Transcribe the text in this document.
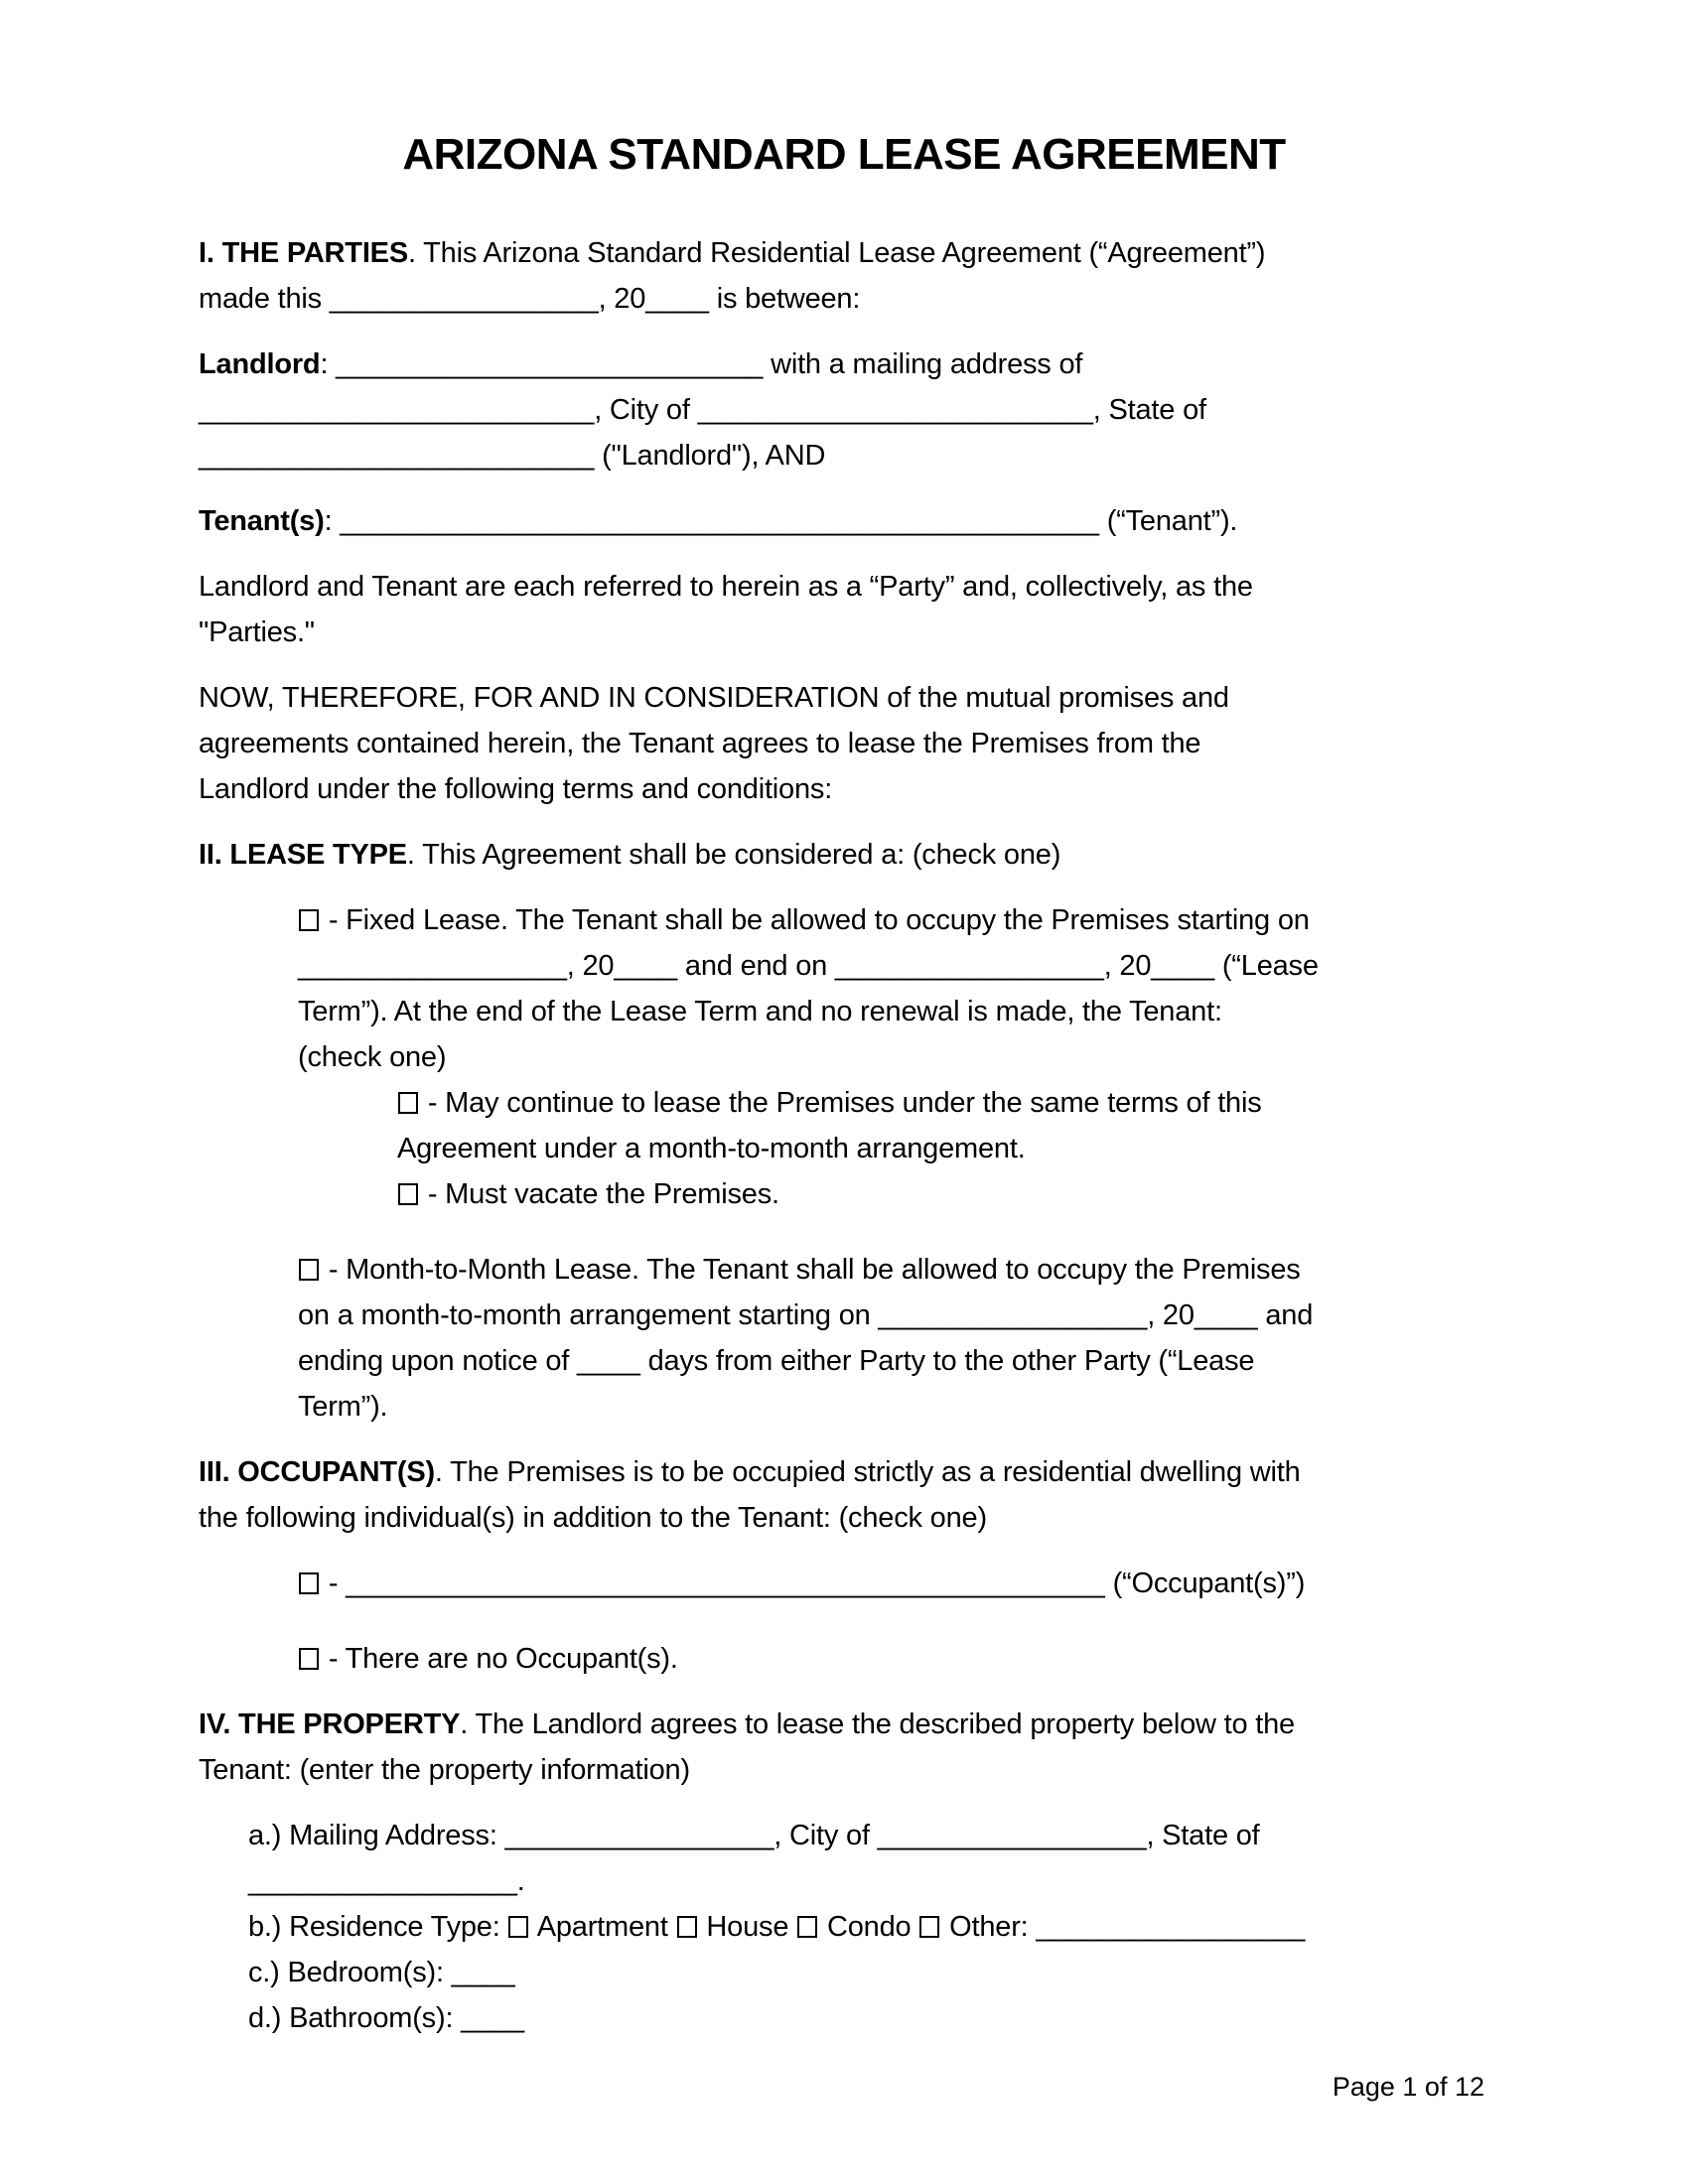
ARIZONA STANDARD LEASE AGREEMENT
I. THE PARTIES. This Arizona Standard Residential Lease Agreement (“Agreement”)
made this _________________, 20____ is between:
Landlord: ___________________________ with a mailing address of
_________________________, City of _________________________, State of
_________________________ ("Landlord"), AND
Tenant(s): ________________________________________________ (“Tenant”).
Landlord and Tenant are each referred to herein as a “Party” and, collectively, as the
"Parties."
NOW, THEREFORE, FOR AND IN CONSIDERATION of the mutual promises and
agreements contained herein, the Tenant agrees to lease the Premises from the
Landlord under the following terms and conditions:
II. LEASE TYPE. This Agreement shall be considered a: (check one)
- Fixed Lease. The Tenant shall be allowed to occupy the Premises starting on
_________________, 20____ and end on _________________, 20____ (“Lease
Term”). At the end of the Lease Term and no renewal is made, the Tenant:
(check one)
- May continue to lease the Premises under the same terms of this
Agreement under a month-to-month arrangement.
- Must vacate the Premises.
- Month-to-Month Lease. The Tenant shall be allowed to occupy the Premises
on a month-to-month arrangement starting on _________________, 20____ and
ending upon notice of ____ days from either Party to the other Party (“Lease
Term”).
III. OCCUPANT(S). The Premises is to be occupied strictly as a residential dwelling with
the following individual(s) in addition to the Tenant: (check one)
- ________________________________________________ (“Occupant(s)”)
- There are no Occupant(s).
IV. THE PROPERTY. The Landlord agrees to lease the described property below to the
Tenant: (enter the property information)
a.) Mailing Address: _________________, City of _________________, State of
_________________.
b.) Residence Type:  Apartment  House  Condo  Other: _________________
c.) Bedroom(s): ____
d.) Bathroom(s): ____
Page 1 of 12
